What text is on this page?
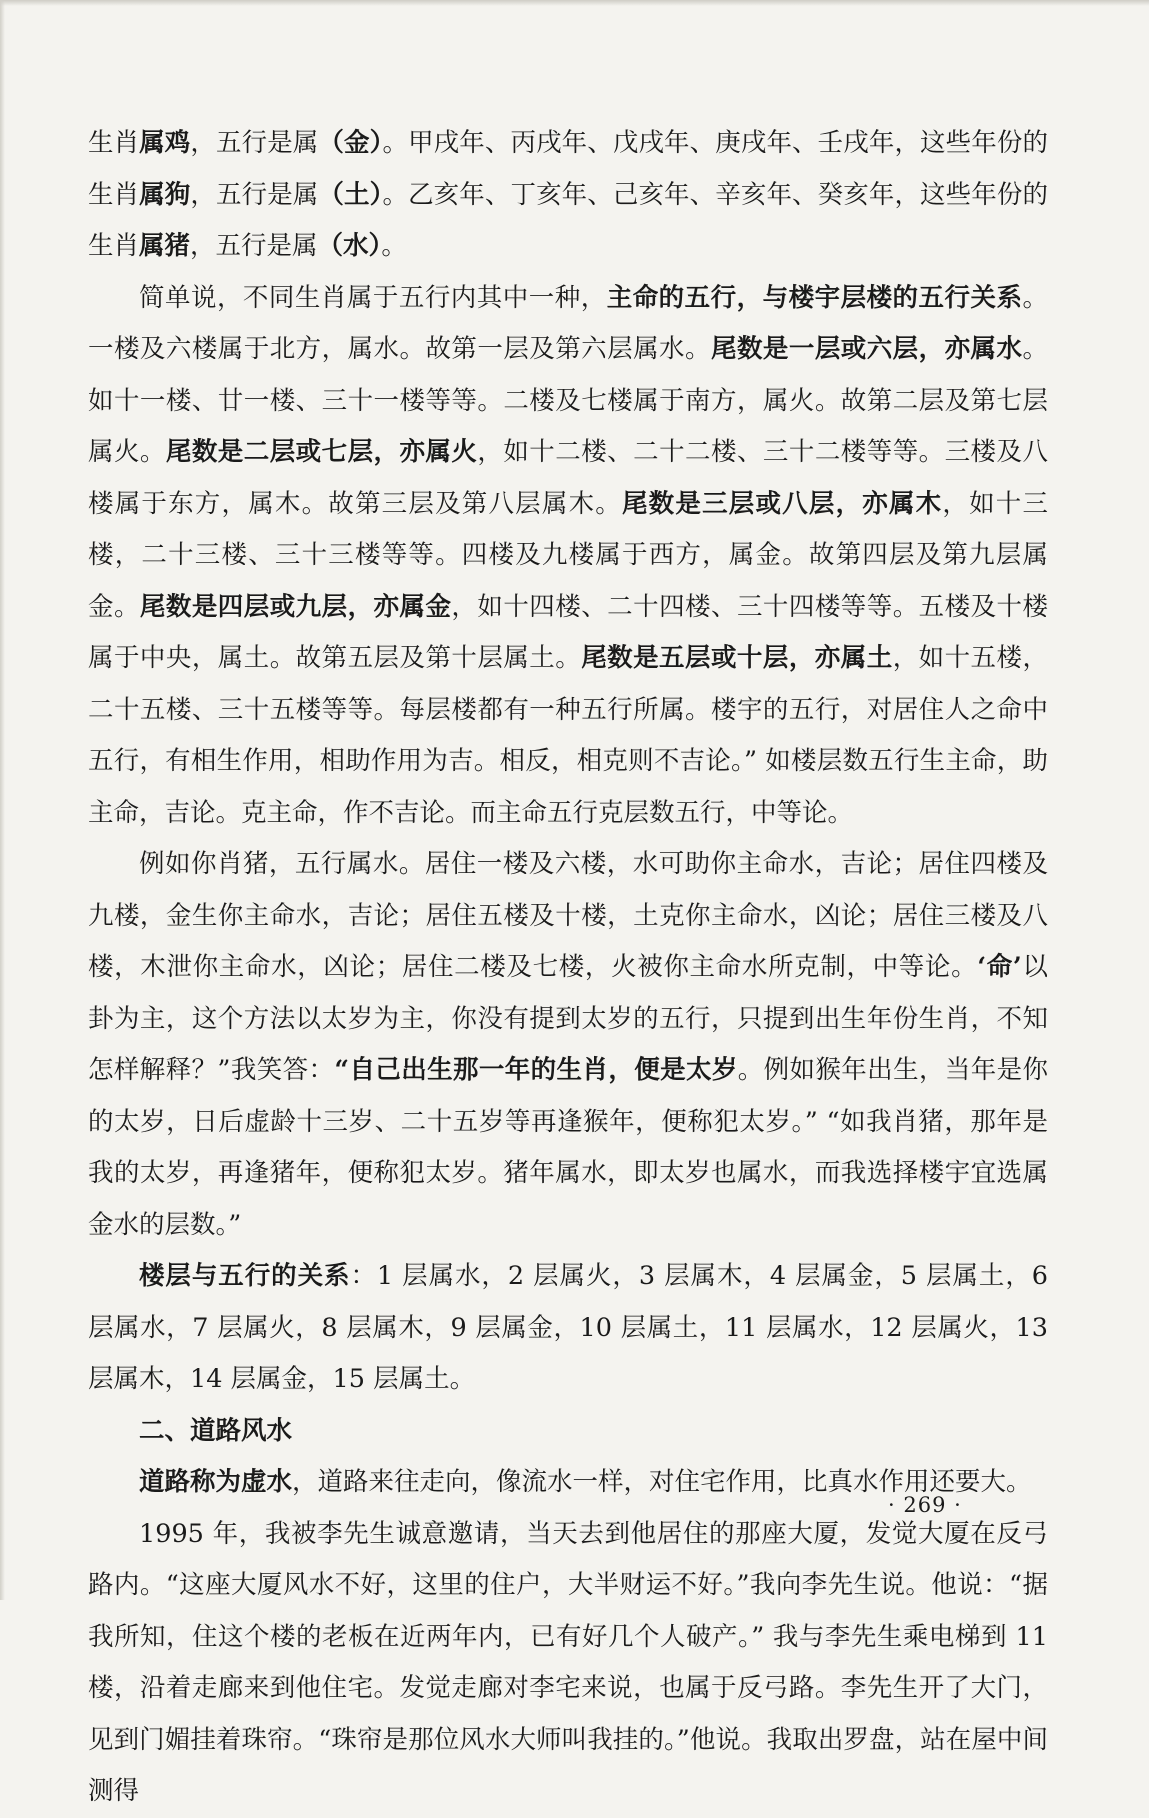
生肖属鸡，五行是属（金）。甲戌年、丙戌年、戊戌年、庚戌年、壬戌年，这些年份的生肖属狗，五行是属（土）。乙亥年、丁亥年、己亥年、辛亥年、癸亥年，这些年份的生肖属猪，五行是属（水）。

简单说，不同生肖属于五行内其中一种，主命的五行，与楼宇层楼的五行关系。一楼及六楼属于北方，属水。故第一层及第六层属水。尾数是一层或六层，亦属水。如十一楼、廿一楼、三十一楼等等。二楼及七楼属于南方，属火。故第二层及第七层属火。尾数是二层或七层，亦属火，如十二楼、二十二楼、三十二楼等等。三楼及八楼属于东方，属木。故第三层及第八层属木。尾数是三层或八层，亦属木，如十三楼，二十三楼、三十三楼等等。四楼及九楼属于西方，属金。故第四层及第九层属金。尾数是四层或九层，亦属金，如十四楼、二十四楼、三十四楼等等。五楼及十楼属于中央，属土。故第五层及第十层属土。尾数是五层或十层，亦属土，如十五楼，二十五楼、三十五楼等等。每层楼都有一种五行所属。楼宇的五行，对居住人之命中五行，有相生作用，相助作用为吉。相反，相克则不吉论。” 如楼层数五行生主命，助主命，吉论。克主命，作不吉论。而主命五行克层数五行，中等论。

例如你肖猪，五行属水。居住一楼及六楼，水可助你主命水，吉论；居住四楼及九楼，金生你主命水，吉论；居住五楼及十楼，土克你主命水，凶论；居住三楼及八楼，木泄你主命水，凶论；居住二楼及七楼，火被你主命水所克制，中等论。‘命’以卦为主，这个方法以太岁为主，你没有提到太岁的五行，只提到出生年份生肖，不知怎样解释？”我笑答：“自己出生那一年的生肖，便是太岁。例如猴年出生，当年是你的太岁，日后虚龄十三岁、二十五岁等再逢猴年，便称犯太岁。” “如我肖猪，那年是我的太岁，再逢猪年，便称犯太岁。猪年属水，即太岁也属水，而我选择楼宇宜选属金水的层数。”

楼层与五行的关系：1 层属水，2 层属火，3 层属木，4 层属金，5 层属土，6 层属水，7 层属火，8 层属木，9 层属金，10 层属土，11 层属水，12 层属火，13 层属木，14 层属金，15 层属土。

二、道路风水

道路称为虚水，道路来往走向，像流水一样，对住宅作用，比真水作用还要大。

1995 年，我被李先生诚意邀请，当天去到他居住的那座大厦，发觉大厦在反弓路内。“这座大厦风水不好，这里的住户，大半财运不好。”我向李先生说。他说：“据我所知，住这个楼的老板在近两年内，已有好几个人破产。” 我与李先生乘电梯到 11 楼，沿着走廊来到他住宅。发觉走廊对李宅来说，也属于反弓路。李先生开了大门，见到门媚挂着珠帘。“珠帘是那位风水大师叫我挂的。”他说。我取出罗盘，站在屋中间测得

· 269 ·
